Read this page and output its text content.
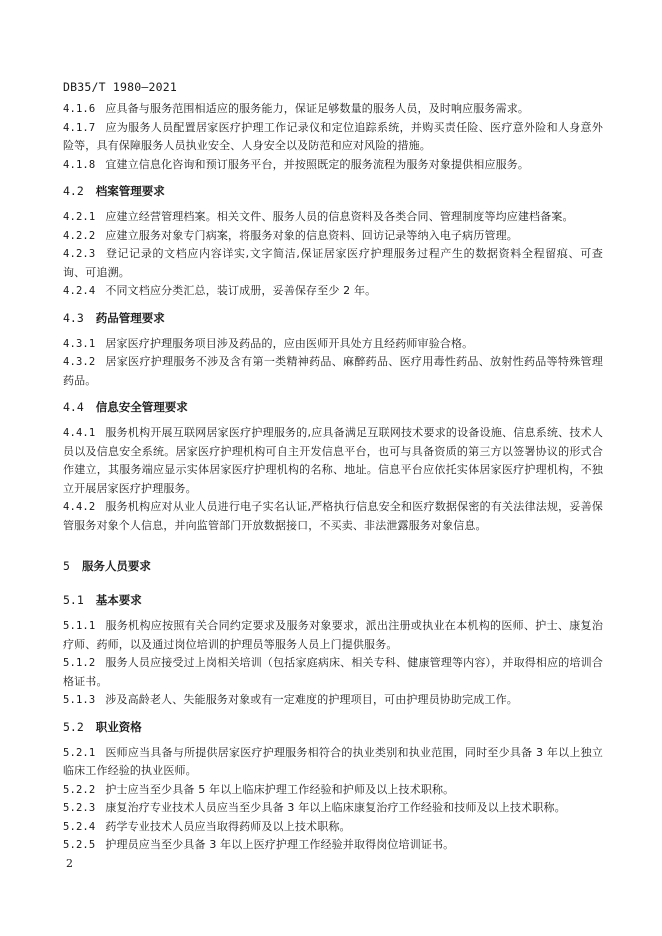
DB35/T 1980—2021

4.1.6 应具备与服务范围相适应的服务能力，保证足够数量的服务人员，及时响应服务需求。

4.1.7 应为服务人员配置居家医疗护理工作记录仪和定位追踪系统，并购买责任险、医疗意外险和人身意外险等，具有保障服务人员执业安全、人身安全以及防范和应对风险的措施。

4.1.8 宜建立信息化咨询和预订服务平台，并按照既定的服务流程为服务对象提供相应服务。

4.2 档案管理要求

4.2.1 应建立经营管理档案。相关文件、服务人员的信息资料及各类合同、管理制度等均应建档备案。

4.2.2 应建立服务对象专门病案，将服务对象的信息资料、回访记录等纳入电子病历管理。

4.2.3 登记记录的文档应内容详实,文字简洁,保证居家医疗护理服务过程产生的数据资料全程留痕、可查询、可追溯。

4.2.4 不同文档应分类汇总，装订成册，妥善保存至少 2 年。

4.3 药品管理要求

4.3.1 居家医疗护理服务项目涉及药品的，应由医师开具处方且经药师审验合格。

4.3.2 居家医疗护理服务不涉及含有第一类精神药品、麻醉药品、医疗用毒性药品、放射性药品等特殊管理药品。

4.4 信息安全管理要求

4.4.1 服务机构开展互联网居家医疗护理服务的,应具备满足互联网技术要求的设备设施、信息系统、技术人员以及信息安全系统。居家医疗护理机构可自主开发信息平台，也可与具备资质的第三方以签署协议的形式合作建立，其服务端应显示实体居家医疗护理机构的名称、地址。信息平台应依托实体居家医疗护理机构，不独立开展居家医疗护理服务。

4.4.2 服务机构应对从业人员进行电子实名认证,严格执行信息安全和医疗数据保密的有关法律法规，妥善保管服务对象个人信息，并向监管部门开放数据接口，不买卖、非法泄露服务对象信息。

5 服务人员要求
5.1 基本要求

5.1.1 服务机构应按照有关合同约定要求及服务对象要求，派出注册或执业在本机构的医师、护士、康复治疗师、药师，以及通过岗位培训的护理员等服务人员上门提供服务。

5.1.2 服务人员应接受过上岗相关培训（包括家庭病床、相关专科、健康管理等内容），并取得相应的培训合格证书。

5.1.3 涉及高龄老人、失能服务对象或有一定难度的护理项目，可由护理员协助完成工作。

5.2 职业资格

5.2.1 医师应当具备与所提供居家医疗护理服务相符合的执业类别和执业范围，同时至少具备 3 年以上独立临床工作经验的执业医师。

5.2.2 护士应当至少具备 5 年以上临床护理工作经验和护师及以上技术职称。

5.2.3 康复治疗专业技术人员应当至少具备 3 年以上临床康复治疗工作经验和技师及以上技术职称。

5.2.4 药学专业技术人员应当取得药师及以上技术职称。

5.2.5 护理员应当至少具备 3 年以上医疗护理工作经验并取得岗位培训证书。

2
